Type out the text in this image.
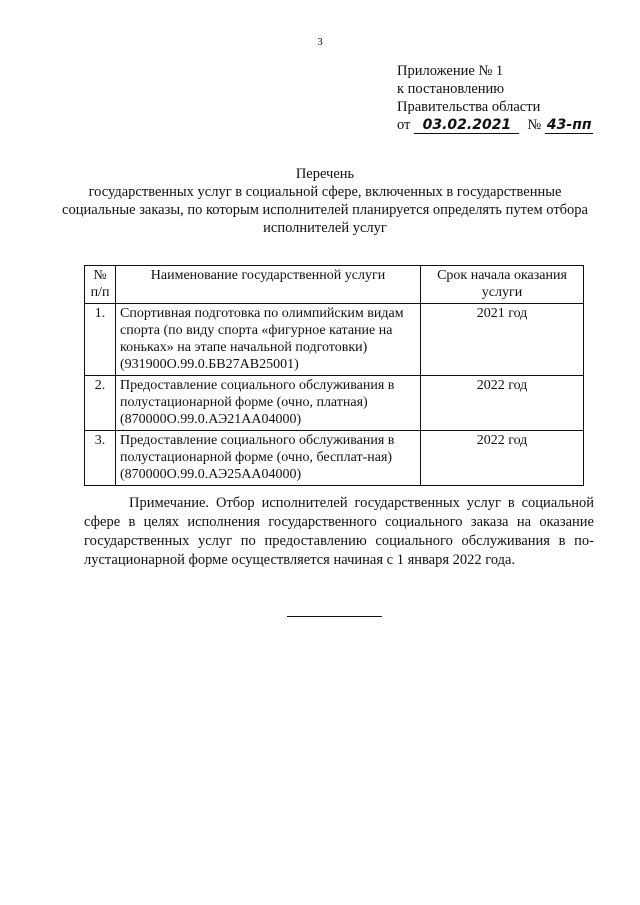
3
Приложение № 1
к постановлению
Правительства области
от 03.02.2021	№ 43-пп
Перечень
государственных услуг в социальной сфере, включенных в государственные социальные заказы, по которым исполнителей планируется определять путем отбора исполнителей услуг
№ п/п	Наименование государственной услуги	Срок начала оказания услуги
1.	Спортивная подготовка по олимпийским видам спорта (по виду спорта «фигурное катание на коньках» на этапе начальной подготовки) (931900О.99.0.БВ27АВ25001)	2021 год
2.	Предоставление социального обслуживания в полустационарной форме (очно, платная) (870000О.99.0.АЭ21АА04000)	2022 год
3.	Предоставление социального обслуживания в полустационарной форме (очно, бесплат-ная) (870000О.99.0.АЭ25АА04000)	2022 год
Примечание. Отбор исполнителей государственных услуг в социальной сфере в целях исполнения государственного социального заказа на оказание государственных услуг по предоставлению социального обслуживания в по-лустационарной форме осуществляется начиная с 1 января 2022 года.
